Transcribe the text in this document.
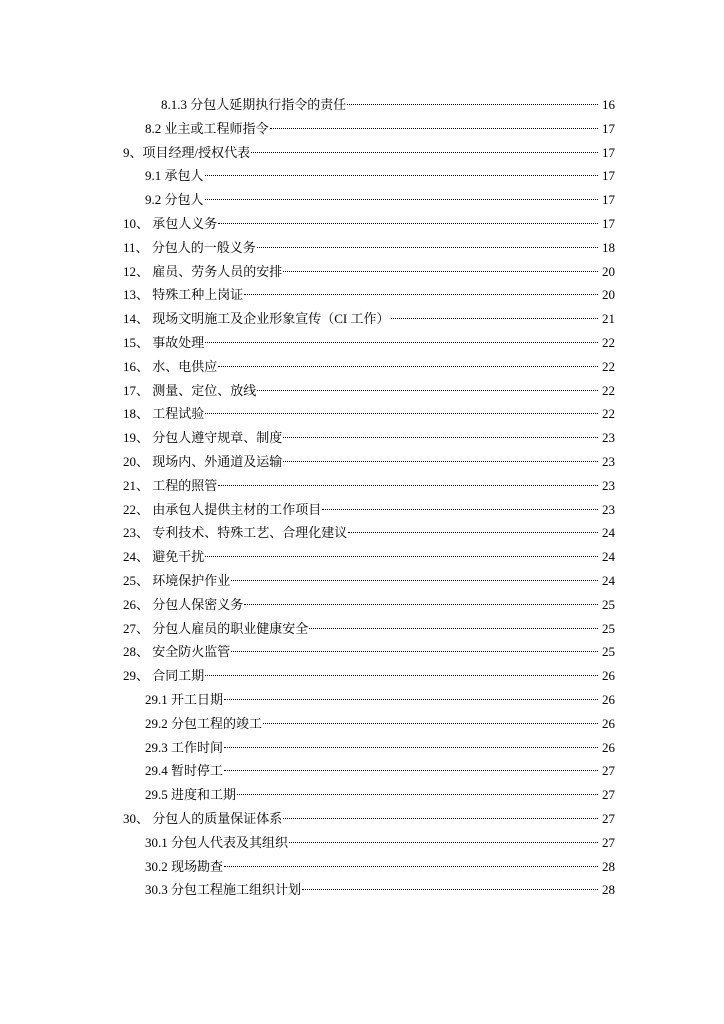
8.1.3 分包人延期执行指令的责任	16
8.2 业主或工程师指令	17
9、项目经理/授权代表	17
9.1 承包人	17
9.2 分包人	17
10、 承包人义务	17
11、 分包人的一般义务	18
12、 雇员、劳务人员的安排	20
13、 特殊工种上岗证	20
14、 现场文明施工及企业形象宣传（CI 工作）	21
15、 事故处理	22
16、 水、电供应	22
17、 测量、定位、放线	22
18、 工程试验	22
19、 分包人遵守规章、制度	23
20、 现场内、外通道及运输	23
21、 工程的照管	23
22、 由承包人提供主材的工作项目	23
23、 专利技术、特殊工艺、合理化建议	24
24、 避免干扰	24
25、 环境保护作业	24
26、 分包人保密义务	25
27、 分包人雇员的职业健康安全	25
28、 安全防火监管	25
29、 合同工期	26
29.1 开工日期	26
29.2 分包工程的竣工	26
29.3 工作时间	26
29.4 暂时停工	27
29.5 进度和工期	27
30、 分包人的质量保证体系	27
30.1 分包人代表及其组织	27
30.2 现场勘查	28
30.3 分包工程施工组织计划	28
